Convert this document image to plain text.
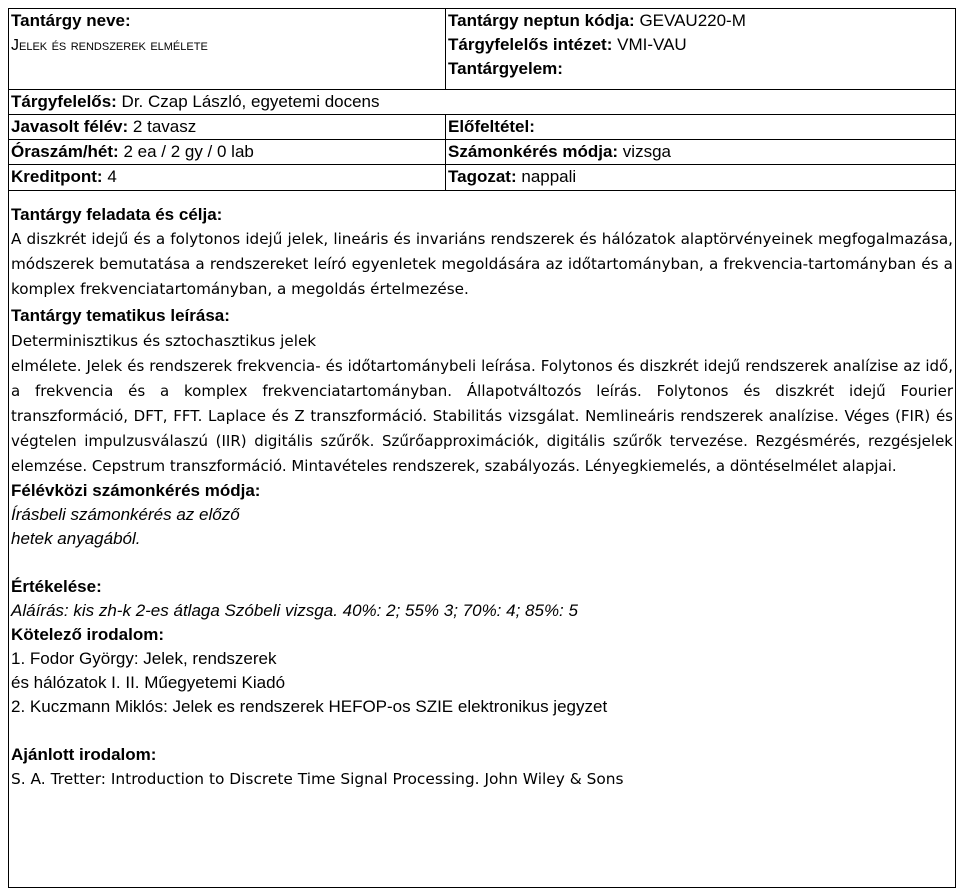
Tantárgy neve:
Jelek és rendszerek elmélete
Tantárgy neptun kódja: GEVAU220-M
Tárgyfelelős intézet: VMI-VAU
Tantárgyelem:
Tárgyfelelős: Dr. Czap László, egyetemi docens
Javasolt félév: 2 tavasz
Óraszám/hét: 2 ea / 2 gy / 0 lab
Kreditpont: 4
Előfeltétel:
Számonkérés módja: vizsga
Tagozat: nappali
Tantárgy feladata és célja:
A diszkrét idejű és a folytonos idejű jelek, lineáris és invariáns rendszerek és hálózatok alaptörvényeinek megfogalmazása, módszerek bemutatása a rendszereket leíró egyenletek megoldására az időtartományban, a frekvencia-tartományban és a komplex frekvenciatartományban, a megoldás értelmezése.
Tantárgy tematikus leírása:
Determinisztikus és sztochasztikus jelek
elmélete. Jelek és rendszerek frekvencia- és időtartománybeli leírása. Folytonos és diszkrét idejű rendszerek analízise az idő, a frekvencia és a komplex frekvenciatartományban. Állapotváltozós leírás. Folytonos és diszkrét idejű Fourier transzformáció, DFT, FFT. Laplace és Z transzformáció. Stabilitás vizsgálat. Nemlineáris rendszerek analízise. Véges (FIR) és végtelen impulzusválaszú (IIR) digitális szűrők. Szűrőapproximációk, digitális szűrők tervezése. Rezgésmérés, rezgésjelek elemzése. Cepstrum transzformáció. Mintavételes rendszerek, szabályozás. Lényegkiemelés, a döntéselmélet alapjai.
Félévközi számonkérés módja:
Írásbeli számonkérés az előző
hetek anyagából.
Értékelése:
Aláírás: kis zh-k 2-es átlaga Szóbeli vizsga. 40%: 2; 55% 3; 70%: 4; 85%: 5
Kötelező irodalom:
1. Fodor György: Jelek, rendszerek
és hálózatok I. II. Műegyetemi Kiadó
2. Kuczmann Miklós: Jelek es rendszerek HEFOP-os SZIE elektronikus jegyzet
Ajánlott irodalom:
S. A. Tretter: Introduction to Discrete Time Signal Processing. John Wiley & Sons
